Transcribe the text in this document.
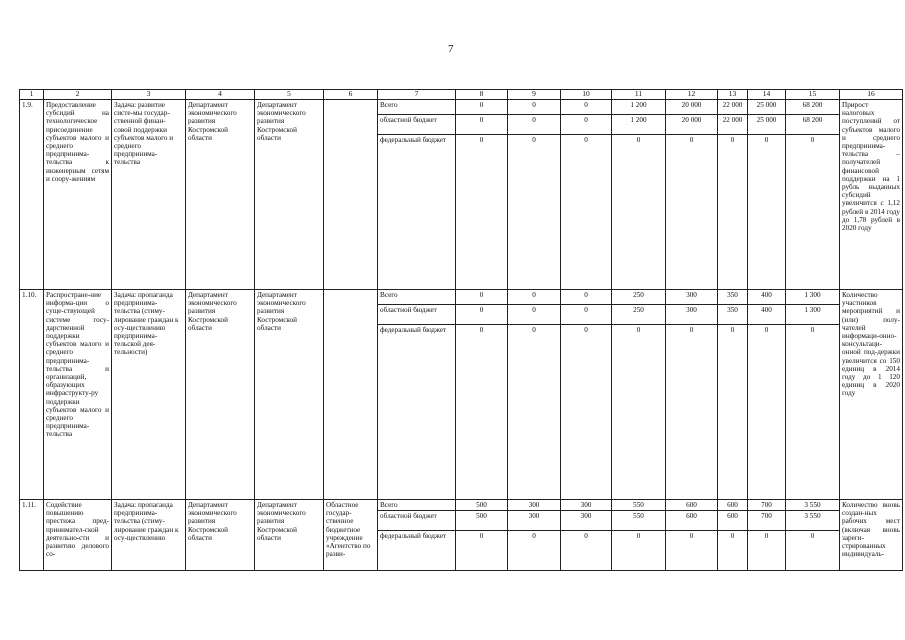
7
1	2	3	4	5	6	7	8	9	10	11	12	13	14	15	16
1.9.	Предоставление субсидий на технологическое присоединение субъектов малого и среднего предпринима-тельства к инженерным сетям и соору-жениям	Задача: развитие систе-мы государ-ственной финан-совой поддержки субъектов малого и среднего предпринима-тельства	Департамент экономического развития Костромской области	Департамент экономического развития Костромской области		Всего	0	0	0	1 200	20 000	22 000	25 000	68 200	Прирост налоговых поступлений от субъектов малого и среднего предпринима-тельства – получателей финансовой поддержки на 1 рубль выданных субсидий увеличится с 1,12 рублей в 2014 году до 1,78 рублей в 2020 году
						областной бюджет	0	0	0	1 200	20 000	22 000	25 000	68 200	
						федеральный бюджет	0	0	0	0	0	0	0	0	
1.10.	Распростране-ние информа-ции о суще-ствующей системе госу-дарственной поддержки субъектов малого и среднего предпринима-тельства и организаций, образующих инфраструкту-ру поддержки субъектов малого и среднего предпринима-тельства	Задача: пропаганда предпринима-тельства (стиму-лирование граждан к осу-ществлению предпринима-тельской дея-тельности)	Департамент экономического развития Костромской области	Департамент экономического развития Костромской области		Всего	0	0	0	250	300	350	400	1 300	Количество участников мероприятий и (или) полу-чателей информаци-онно-консультаци-онной под-держки увеличится со 150 единиц в 2014 году до 1 120 единиц в 2020 году
						областной бюджет	0	0	0	250	300	350	400	1 300	
						федеральный бюджет	0	0	0	0	0	0	0	0	
1.11.	Содействие повышению престижа пред-принимател-ской деятельно-сти и развитию делового со-	Задача: пропаганда предпринима-тельства (стиму-лирование граждан к осу-ществлению	Департамент экономического развития Костромской области	Департамент экономического развития Костромской области	Областное государ-ственное бюджетное учреждение «Агентство по разви-	Всего	500	300	300	550	600	600	700	3 550	Количество вновь создан-ных рабочих мест (включая вновь зареги-стрированных индивидуаль-
						областной бюджет	500	300	300	550	600	600	700	3 550	
						федеральный бюджет	0	0	0	0	0	0	0	0	
